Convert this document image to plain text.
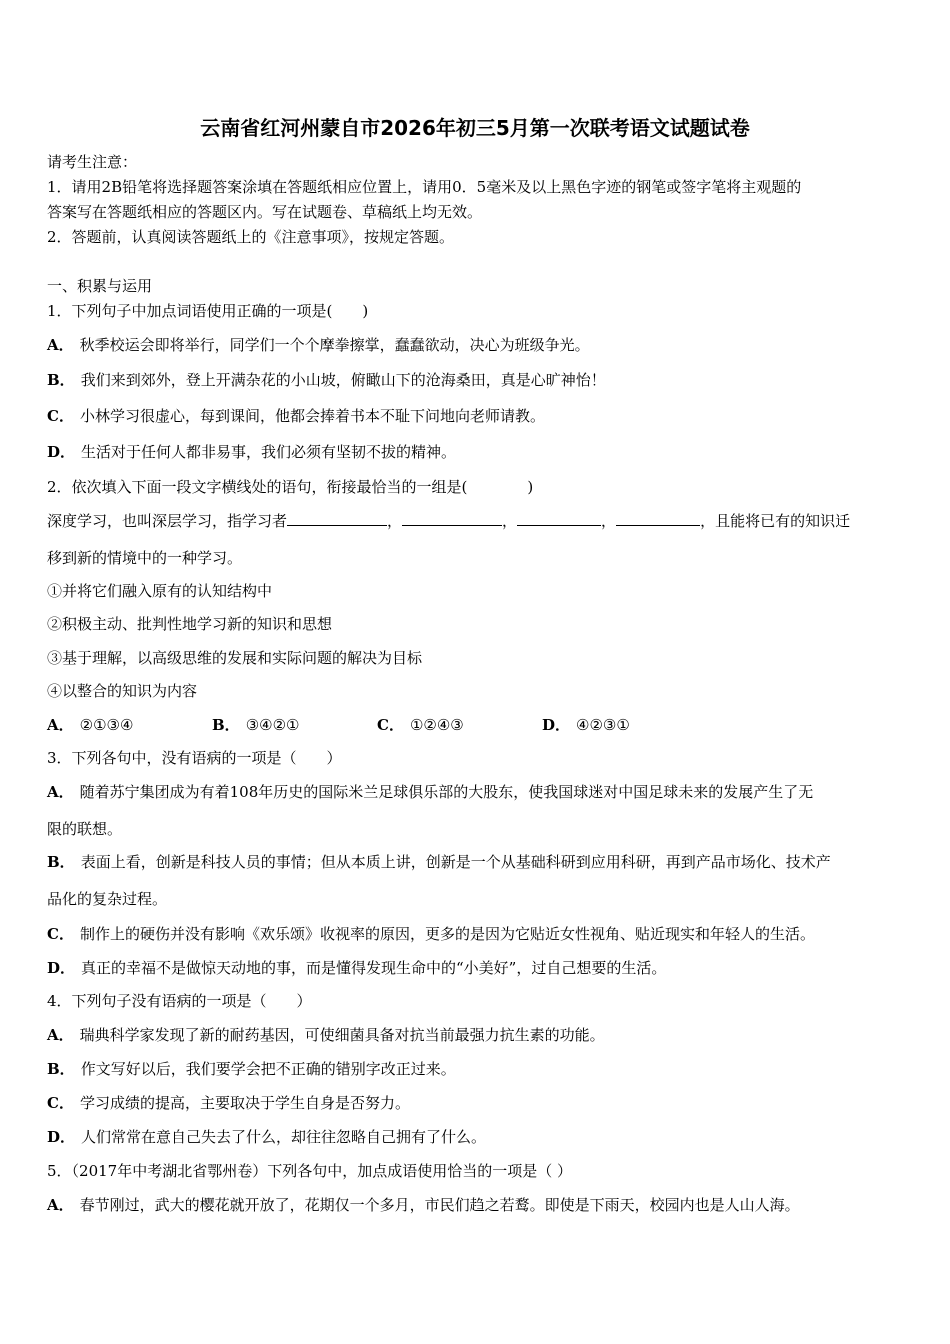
云南省红河州蒙自市2026年初三5月第一次联考语文试题试卷
请考生注意：
1．请用2B铅笔将选择题答案涂填在答题纸相应位置上，请用0．5毫米及以上黑色字迹的钢笔或签字笔将主观题的
答案写在答题纸相应的答题区内。写在试题卷、草稿纸上均无效。
2．答题前，认真阅读答题纸上的《注意事项》，按规定答题。
一、积累与运用
1．下列句子中加点词语使用正确的一项是(　　)
A． 秋季校运会即将举行，同学们一个个摩拳擦掌，蠢蠢欲动，决心为班级争光。
B． 我们来到郊外，登上开满杂花的小山坡，俯瞰山下的沧海桑田，真是心旷神怡！
C． 小林学习很虚心，每到课间，他都会捧着书本不耻下问地向老师请教。
D． 生活对于任何人都非易事，我们必须有坚韧不拔的精神。
2．依次填入下面一段文字横线处的语句，衔接最恰当的一组是(　　　　)
深度学习，也叫深层学习，指学习者	，	，	，	，且能将已有的知识迁
移到新的情境中的一种学习。
①并将它们融入原有的认知结构中
②积极主动、批判性地学习新的知识和思想
③基于理解，以高级思维的发展和实际问题的解决为目标
④以整合的知识为内容
A． ②①③④	B． ③④②①	C． ①②④③	D． ④②③①
3．下列各句中，没有语病的一项是（　　）
A． 随着苏宁集团成为有着108年历史的国际米兰足球俱乐部的大股东，使我国球迷对中国足球未来的发展产生了无
限的联想。
B． 表面上看，创新是科技人员的事情；但从本质上讲，创新是一个从基础科研到应用科研，再到产品市场化、技术产
品化的复杂过程。
C． 制作上的硬伤并没有影响《欢乐颂》收视率的原因，更多的是因为它贴近女性视角、贴近现实和年轻人的生活。
D． 真正的幸福不是做惊天动地的事，而是懂得发现生命中的“小美好”，过自己想要的生活。
4．下列句子没有语病的一项是（　　）
A． 瑞典科学家发现了新的耐药基因，可使细菌具备对抗当前最强力抗生素的功能。
B． 作文写好以后，我们要学会把不正确的错别字改正过来。
C． 学习成绩的提高，主要取决于学生自身是否努力。
D． 人们常常在意自己失去了什么，却往往忽略自己拥有了什么。
5．（2017年中考湖北省鄂州卷）下列各句中，加点成语使用恰当的一项是（ ）
A． 春节刚过，武大的樱花就开放了，花期仅一个多月，市民们趋之若鹜。即使是下雨天，校园内也是人山人海。
